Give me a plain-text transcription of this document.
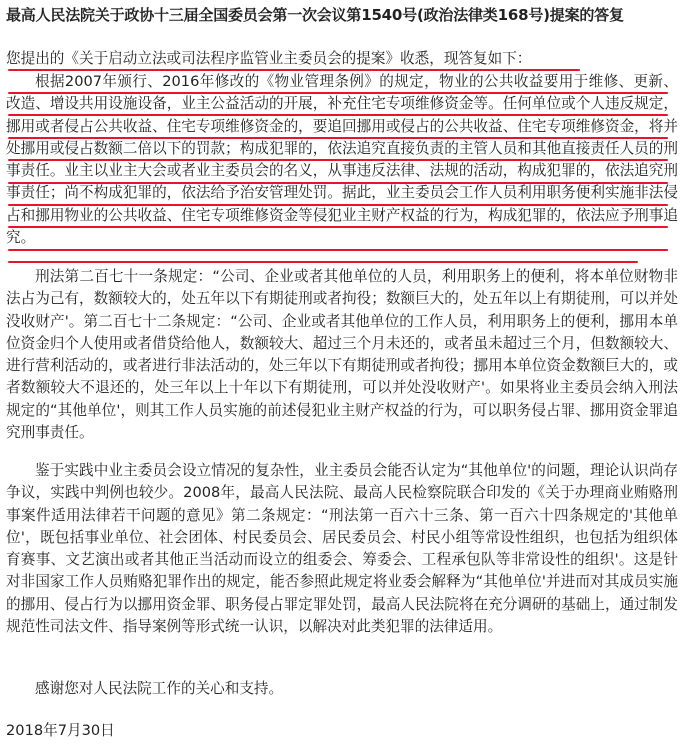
最高人民法院关于政协十三届全国委员会第一次会议第1540号(政治法律类168号)提案的答复

您提出的《关于启动立法或司法程序监管业主委员会的提案》收悉，现答复如下：

根据2007年颁行、2016年修改的《物业管理条例》的规定，物业的公共收益要用于维修、更新、改造、增设共用设施设备，业主公益活动的开展，补充住宅专项维修资金等。任何单位或个人违反规定，挪用或者侵占公共收益、住宅专项维修资金的，要追回挪用或侵占的公共收益、住宅专项维修资金，将并处挪用或侵占数额二倍以下的罚款；构成犯罪的，依法追究直接负责的主管人员和其他直接责任人员的刑事责任。业主以业主大会或者业主委员会的名义，从事违反法律、法规的活动，构成犯罪的，依法追究刑事责任；尚不构成犯罪的，依法给予治安管理处罚。据此，业主委员会工作人员利用职务便利实施非法侵占和挪用物业的公共收益、住宅专项维修资金等侵犯业主财产权益的行为，构成犯罪的，依法应予刑事追究。

刑法第二百七十一条规定：“公司、企业或者其他单位的人员，利用职务上的便利，将本单位财物非法占为己有，数额较大的，处五年以下有期徒刑或者拘役；数额巨大的，处五年以上有期徒刑，可以并处没收财产'。第二百七十二条规定：“公司、企业或者其他单位的工作人员，利用职务上的便利，挪用本单位资金归个人使用或者借贷给他人，数额较大、超过三个月未还的，或者虽未超过三个月，但数额较大、进行营利活动的，或者进行非法活动的，处三年以下有期徒刑或者拘役；挪用本单位资金数额巨大的，或者数额较大不退还的，处三年以上十年以下有期徒刑，可以并处没收财产'。如果将业主委员会纳入刑法规定的“其他单位'，则其工作人员实施的前述侵犯业主财产权益的行为，可以职务侵占罪、挪用资金罪追究刑事责任。

鉴于实践中业主委员会设立情况的复杂性，业主委员会能否认定为“其他单位'的问题，理论认识尚存争议，实践中判例也较少。2008年，最高人民法院、最高人民检察院联合印发的《关于办理商业贿赂刑事案件适用法律若干问题的意见》第二条规定：“刑法第一百六十三条、第一百六十四条规定的'其他单位'，既包括事业单位、社会团体、村民委员会、居民委员会、村民小组等常设性组织，也包括为组织体育赛事、文艺演出或者其他正当活动而设立的组委会、筹委会、工程承包队等非常设性的组织'。这是针对非国家工作人员贿赂犯罪作出的规定，能否参照此规定将业委会解释为“其他单位'并进而对其成员实施的挪用、侵占行为以挪用资金罪、职务侵占罪定罪处罚，最高人民法院将在充分调研的基础上，通过制发规范性司法文件、指导案例等形式统一认识，以解决对此类犯罪的法律适用。

感谢您对人民法院工作的关心和支持。

2018年7月30日
